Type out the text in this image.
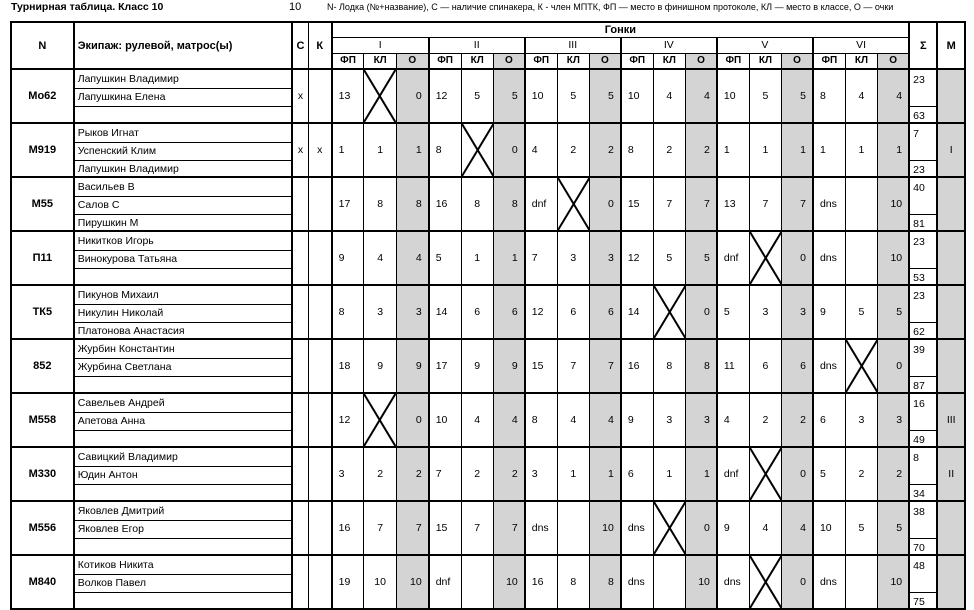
Турнирная таблица. Класс 10	10	N- Лодка (№+название), С — наличие спинакера, К - член МПТК, ФП — место в финишном протоколе, КЛ — место в классе, О — очки
N	Экипаж: рулевой, матрос(ы)	С	К	Гонки																		Σ	М
				I			II			III			IV			V			VI				
				ФП	КЛ	О	ФП	КЛ	О	ФП	КЛ	О	ФП	КЛ	О	ФП	КЛ	О	ФП	КЛ	О		
Мо62	Лапушкин Владимир	x		13		0	12	5	5	10	5	5	10	4	4	10	5	5	8	4	4	23	
	Лапушкина Елена																						
																						63	
М919	Рыков Игнат	x	x	1	1	1	8		0	4	2	2	8	2	2	1	1	1	1	1	1	7	I
	Успенский Клим																						
	Лапушкин Владимир																					23	
М55	Васильев В			17	8	8	16	8	8	dnf		0	15	7	7	13	7	7	dns		10	40	
	Салов С																						
	Пирушкин М																					81	
П11	Никитков Игорь			9	4	4	5	1	1	7	3	3	12	5	5	dnf		0	dns		10	23	
	Винокурова Татьяна																						
																						53	
ТК5	Пикунов Михаил			8	3	3	14	6	6	12	6	6	14		0	5	3	3	9	5	5	23	
	Никулин Николай																						
	Платонова Анастасия																					62	
852	Журбин Константин			18	9	9	17	9	9	15	7	7	16	8	8	11	6	6	dns		0	39	
	Журбина Светлана																						
																						87	
М558	Савельев Андрей			12		0	10	4	4	8	4	4	9	3	3	4	2	2	6	3	3	16	III
	Апетова Анна																						
																						49	
М330	Савицкий Владимир			3	2	2	7	2	2	3	1	1	6	1	1	dnf		0	5	2	2	8	II
	Юдин Антон																						
																						34	
М556	Яковлев Дмитрий			16	7	7	15	7	7	dns		10	dns		0	9	4	4	10	5	5	38	
	Яковлев Егор																						
																						70	
М840	Котиков Никита			19	10	10	dnf		10	16	8	8	dns		10	dns		0	dns		10	48	
	Волков Павел																						
																						75	
